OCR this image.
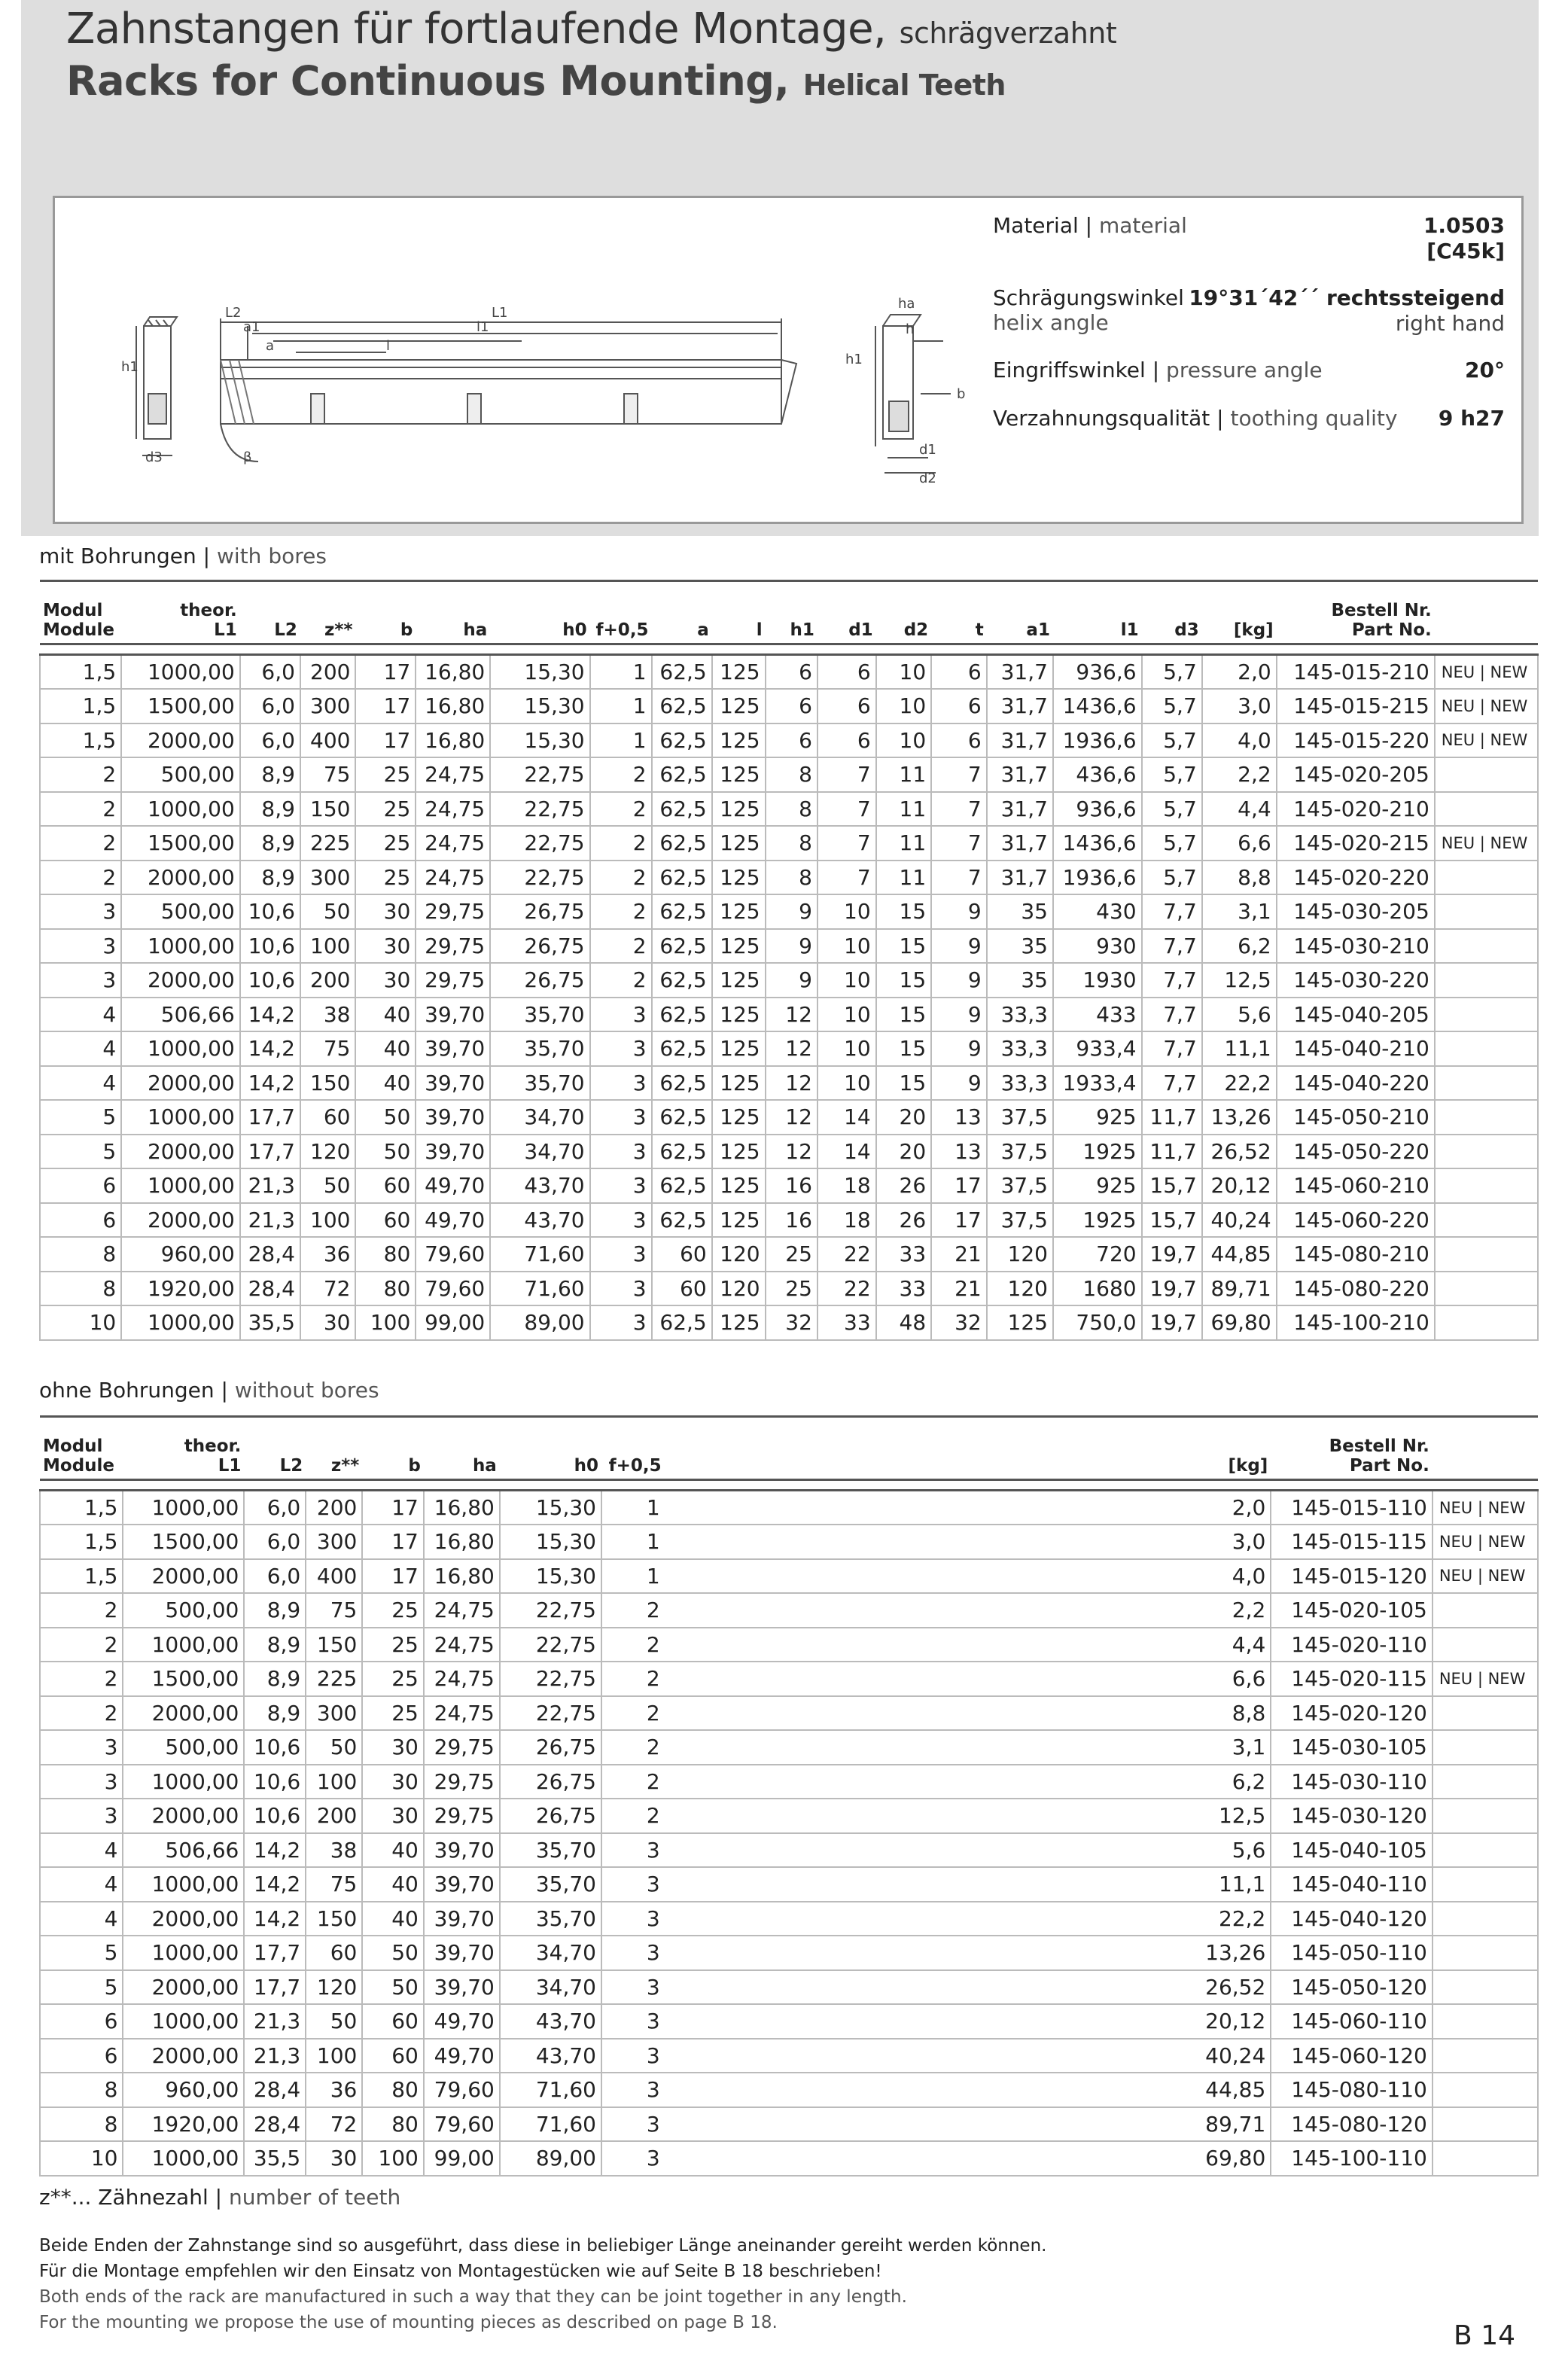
Zahnstangen für fortlaufende Montage, schrägverzahnt
Racks for Continuous Mounting, Helical Teeth
h1
d3
L2	L1
a1
a
l1
l
β
ha
h
h1
b
d1
d2
Material | material	1.0503
[C45k]
Schrägungswinkel
helix angle
19°31´42´´ rechtssteigend
right hand
Eingriffswinkel | pressure angle	20°
Verzahnungsqualität | toothing quality 9 h27
mit Bohrungen | with bores
Modul
Module	theor.
L1	L2	z**	b	ha	h0	f+0,5	a	l	h1	d1	d2	t	a1	l1	d3	[kg]	Bestell Nr.
Part No.	

1,5	1000,00	6,0	200	17	16,80	15,30	1	62,5	125	6	6	10	6	31,7	936,6	5,7	2,0	145-015-210	NEU | NEW
1,5	1500,00	6,0	300	17	16,80	15,30	1	62,5	125	6	6	10	6	31,7	1436,6	5,7	3,0	145-015-215	NEU | NEW
1,5	2000,00	6,0	400	17	16,80	15,30	1	62,5	125	6	6	10	6	31,7	1936,6	5,7	4,0	145-015-220	NEU | NEW
2	500,00	8,9	75	25	24,75	22,75	2	62,5	125	8	7	11	7	31,7	436,6	5,7	2,2	145-020-205	
2	1000,00	8,9	150	25	24,75	22,75	2	62,5	125	8	7	11	7	31,7	936,6	5,7	4,4	145-020-210	
2	1500,00	8,9	225	25	24,75	22,75	2	62,5	125	8	7	11	7	31,7	1436,6	5,7	6,6	145-020-215	NEU | NEW
2	2000,00	8,9	300	25	24,75	22,75	2	62,5	125	8	7	11	7	31,7	1936,6	5,7	8,8	145-020-220	
3	500,00	10,6	50	30	29,75	26,75	2	62,5	125	9	10	15	9	35	430	7,7	3,1	145-030-205	
3	1000,00	10,6	100	30	29,75	26,75	2	62,5	125	9	10	15	9	35	930	7,7	6,2	145-030-210	
3	2000,00	10,6	200	30	29,75	26,75	2	62,5	125	9	10	15	9	35	1930	7,7	12,5	145-030-220	
4	506,66	14,2	38	40	39,70	35,70	3	62,5	125	12	10	15	9	33,3	433	7,7	5,6	145-040-205	
4	1000,00	14,2	75	40	39,70	35,70	3	62,5	125	12	10	15	9	33,3	933,4	7,7	11,1	145-040-210	
4	2000,00	14,2	150	40	39,70	35,70	3	62,5	125	12	10	15	9	33,3	1933,4	7,7	22,2	145-040-220	
5	1000,00	17,7	60	50	39,70	34,70	3	62,5	125	12	14	20	13	37,5	925	11,7	13,26	145-050-210	
5	2000,00	17,7	120	50	39,70	34,70	3	62,5	125	12	14	20	13	37,5	1925	11,7	26,52	145-050-220	
6	1000,00	21,3	50	60	49,70	43,70	3	62,5	125	16	18	26	17	37,5	925	15,7	20,12	145-060-210	
6	2000,00	21,3	100	60	49,70	43,70	3	62,5	125	16	18	26	17	37,5	1925	15,7	40,24	145-060-220	
8	960,00	28,4	36	80	79,60	71,60	3	60	120	25	22	33	21	120	720	19,7	44,85	145-080-210	
8	1920,00	28,4	72	80	79,60	71,60	3	60	120	25	22	33	21	120	1680	19,7	89,71	145-080-220	
10	1000,00	35,5	30	100	99,00	89,00	3	62,5	125	32	33	48	32	125	750,0	19,7	69,80	145-100-210	
ohne Bohrungen | without bores
Modul
Module	theor.
L1	L2	z**	b	ha	h0	f+0,5										[kg]	Bestell Nr.
Part No.	

1,5	1000,00	6,0	200	17	16,80	15,30	1										2,0	145-015-110	NEU | NEW
1,5	1500,00	6,0	300	17	16,80	15,30	1										3,0	145-015-115	NEU | NEW
1,5	2000,00	6,0	400	17	16,80	15,30	1										4,0	145-015-120	NEU | NEW
2	500,00	8,9	75	25	24,75	22,75	2										2,2	145-020-105	
2	1000,00	8,9	150	25	24,75	22,75	2										4,4	145-020-110	
2	1500,00	8,9	225	25	24,75	22,75	2										6,6	145-020-115	NEU | NEW
2	2000,00	8,9	300	25	24,75	22,75	2										8,8	145-020-120	
3	500,00	10,6	50	30	29,75	26,75	2										3,1	145-030-105	
3	1000,00	10,6	100	30	29,75	26,75	2										6,2	145-030-110	
3	2000,00	10,6	200	30	29,75	26,75	2										12,5	145-030-120	
4	506,66	14,2	38	40	39,70	35,70	3										5,6	145-040-105	
4	1000,00	14,2	75	40	39,70	35,70	3										11,1	145-040-110	
4	2000,00	14,2	150	40	39,70	35,70	3										22,2	145-040-120	
5	1000,00	17,7	60	50	39,70	34,70	3										13,26	145-050-110	
5	2000,00	17,7	120	50	39,70	34,70	3										26,52	145-050-120	
6	1000,00	21,3	50	60	49,70	43,70	3										20,12	145-060-110	
6	2000,00	21,3	100	60	49,70	43,70	3										40,24	145-060-120	
8	960,00	28,4	36	80	79,60	71,60	3										44,85	145-080-110	
8	1920,00	28,4	72	80	79,60	71,60	3										89,71	145-080-120	
10	1000,00	35,5	30	100	99,00	89,00	3										69,80	145-100-110	
z**... Zähnezahl | number of teeth
Beide Enden der Zahnstange sind so ausgeführt, dass diese in beliebiger Länge aneinander gereiht werden können.
Für die Montage empfehlen wir den Einsatz von Montagestücken wie auf Seite B 18 beschrieben!
Both ends of the rack are manufactured in such a way that they can be joint together in any length.
For the mounting we propose the use of mounting pieces as described on page B 18.	B 14
